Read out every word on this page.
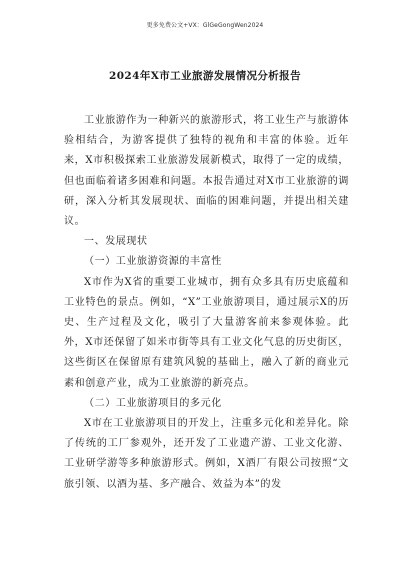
更多免费公文+VX：GlGeGongWen2024
2024年X市工业旅游发展情况分析报告

工业旅游作为一种新兴的旅游形式，将工业生产与旅游体验相结合，为游客提供了独特的视角和丰富的体验。近年来，X市积极探索工业旅游发展新模式，取得了一定的成绩，但也面临着诸多困难和问题。本报告通过对X市工业旅游的调研，深入分析其发展现状、面临的困难问题，并提出相关建议。

一、发展现状

（一）工业旅游资源的丰富性

X市作为X省的重要工业城市，拥有众多具有历史底蕴和工业特色的景点。例如，“X”工业旅游项目，通过展示X的历史、生产过程及文化，吸引了大量游客前来参观体验。此外，X市还保留了如米市街等具有工业文化气息的历史街区，这些街区在保留原有建筑风貌的基础上，融入了新的商业元素和创意产业，成为工业旅游的新亮点。

（二）工业旅游项目的多元化

X市在工业旅游项目的开发上，注重多元化和差异化。除了传统的工厂参观外，还开发了工业遗产游、工业文化游、工业研学游等多种旅游形式。例如，X酒厂有限公司按照“文旅引领、以酒为基、多产融合、效益为本”的发
